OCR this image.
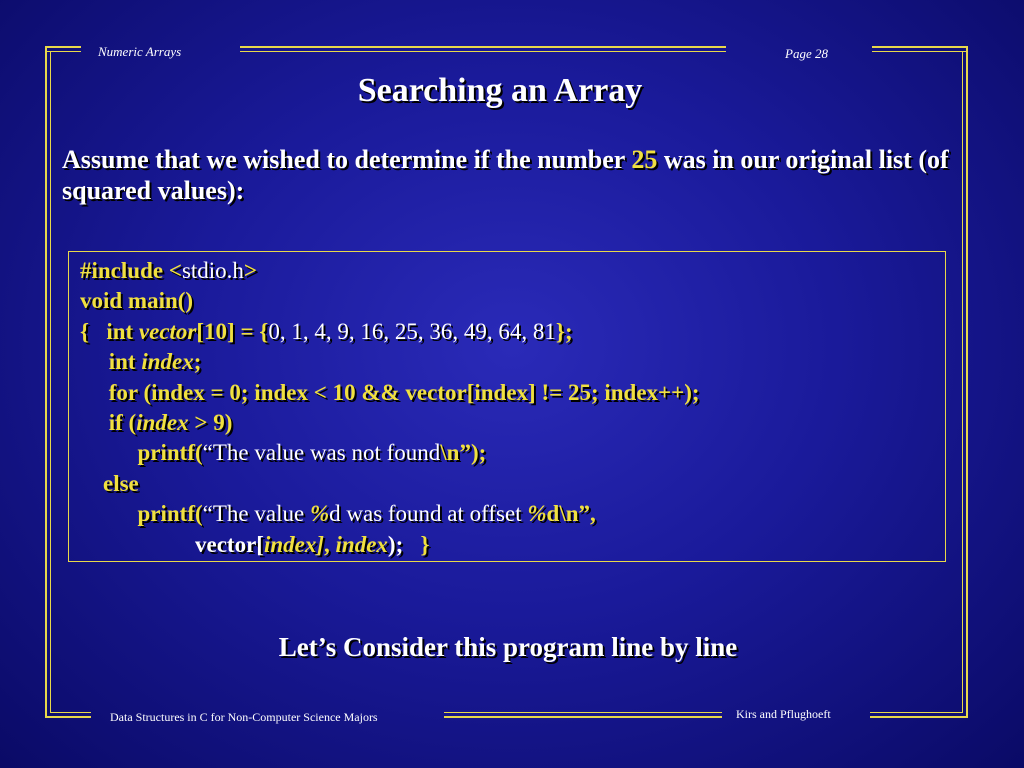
Numeric Arrays	Page 28
Searching an Array
Assume that we wished to determine if the number 25 was in our original list (of squared values):
#include <stdio.h>
void main()
{   int vector[10] = {0, 1, 4, 9, 16, 25, 36, 49, 64, 81};
int index;
for (index = 0; index < 10 && vector[index] != 25; index++);
if (index > 9)
printf(“The value was not found\n”);
else
printf(“The value %d was found at offset %d\n”,
vector[index], index);   }
Let’s Consider this program line by line
Data Structures in C for Non-Computer Science Majors	Kirs and Pflughoeft
